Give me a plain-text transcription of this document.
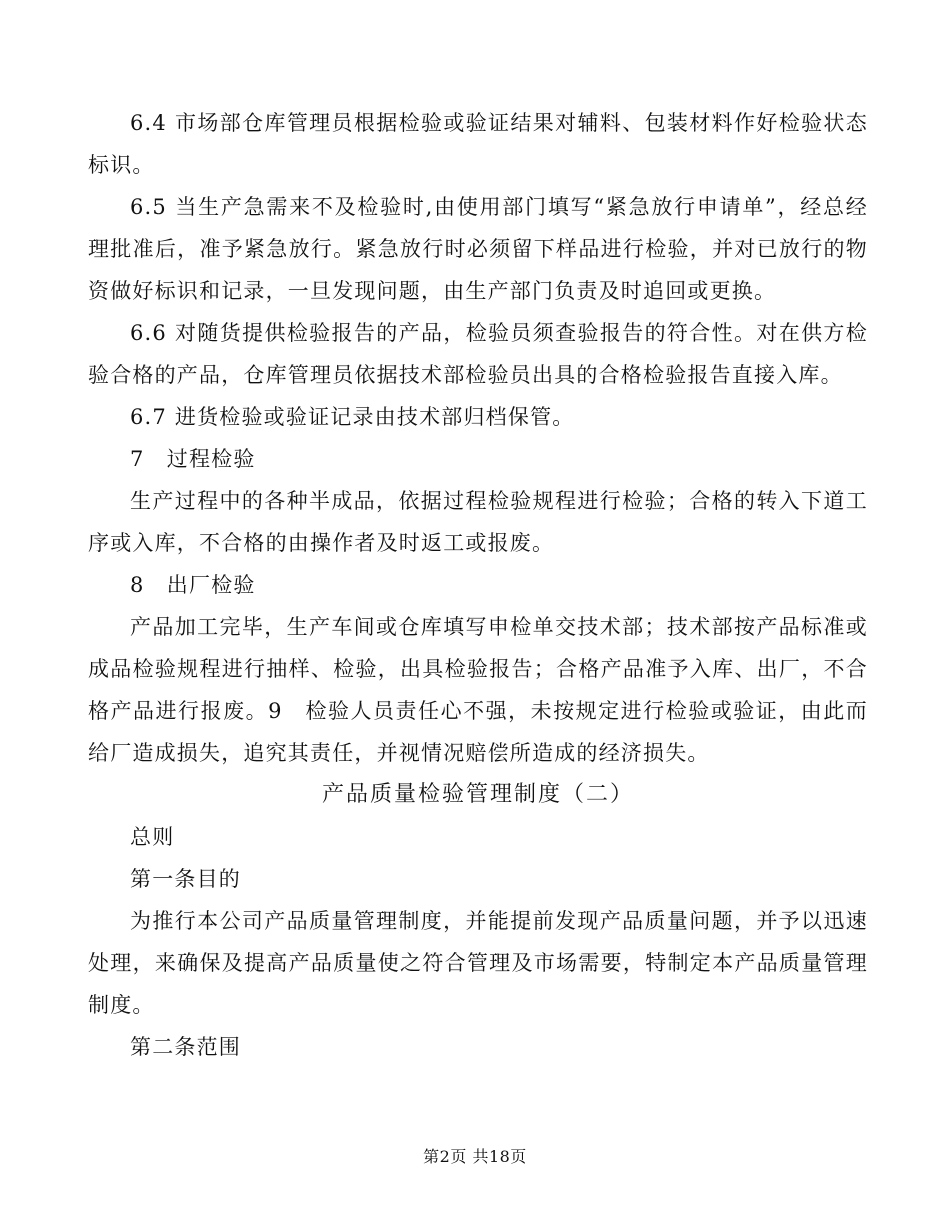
6.4 市场部仓库管理员根据检验或验证结果对辅料、包装材料作好检验状态标识。

6.5 当生产急需来不及检验时,由使用部门填写“紧急放行申请单”，经总经理批准后，准予紧急放行。紧急放行时必须留下样品进行检验，并对已放行的物资做好标识和记录，一旦发现问题，由生产部门负责及时追回或更换。

6.6 对随货提供检验报告的产品，检验员须查验报告的符合性。对在供方检验合格的产品，仓库管理员依据技术部检验员出具的合格检验报告直接入库。

6.7 进货检验或验证记录由技术部归档保管。

7　过程检验

生产过程中的各种半成品，依据过程检验规程进行检验；合格的转入下道工序或入库，不合格的由操作者及时返工或报废。

8　出厂检验

产品加工完毕，生产车间或仓库填写申检单交技术部；技术部按产品标准或成品检验规程进行抽样、检验，出具检验报告；合格产品准予入库、出厂，不合格产品进行报废。9　检验人员责任心不强，未按规定进行检验或验证，由此而给厂造成损失，追究其责任，并视情况赔偿所造成的经济损失。

产品质量检验管理制度（二）

总则

第一条目的

为推行本公司产品质量管理制度，并能提前发现产品质量问题，并予以迅速处理，来确保及提高产品质量使之符合管理及市场需要，特制定本产品质量管理制度。

第二条范围

第2页 共18页
